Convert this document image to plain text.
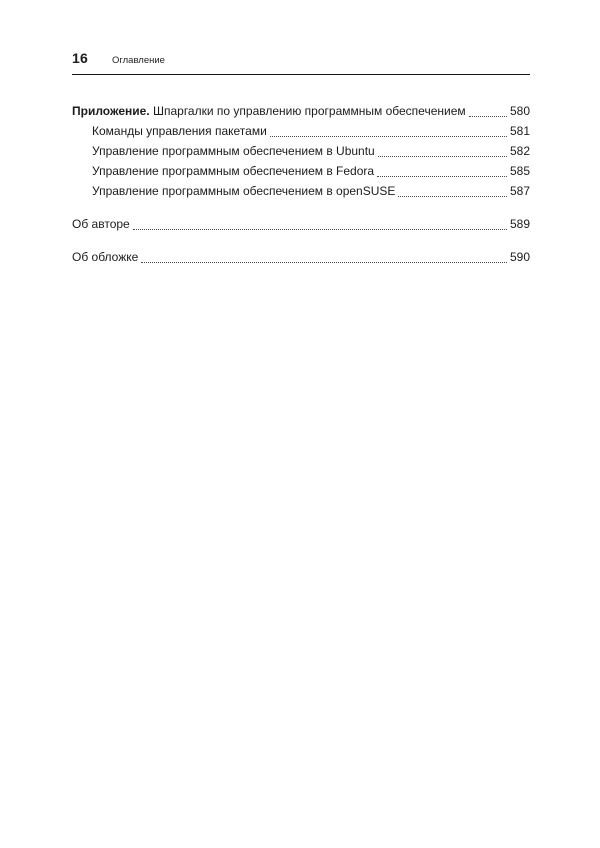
16	Оглавление
Приложение. Шпаргалки по управлению программным обеспечением	580
Команды управления пакетами	581
Управление программным обеспечением в Ubuntu	582
Управление программным обеспечением в Fedora	585
Управление программным обеспечением в openSUSE	587
Об авторе	589
Об обложке	590
